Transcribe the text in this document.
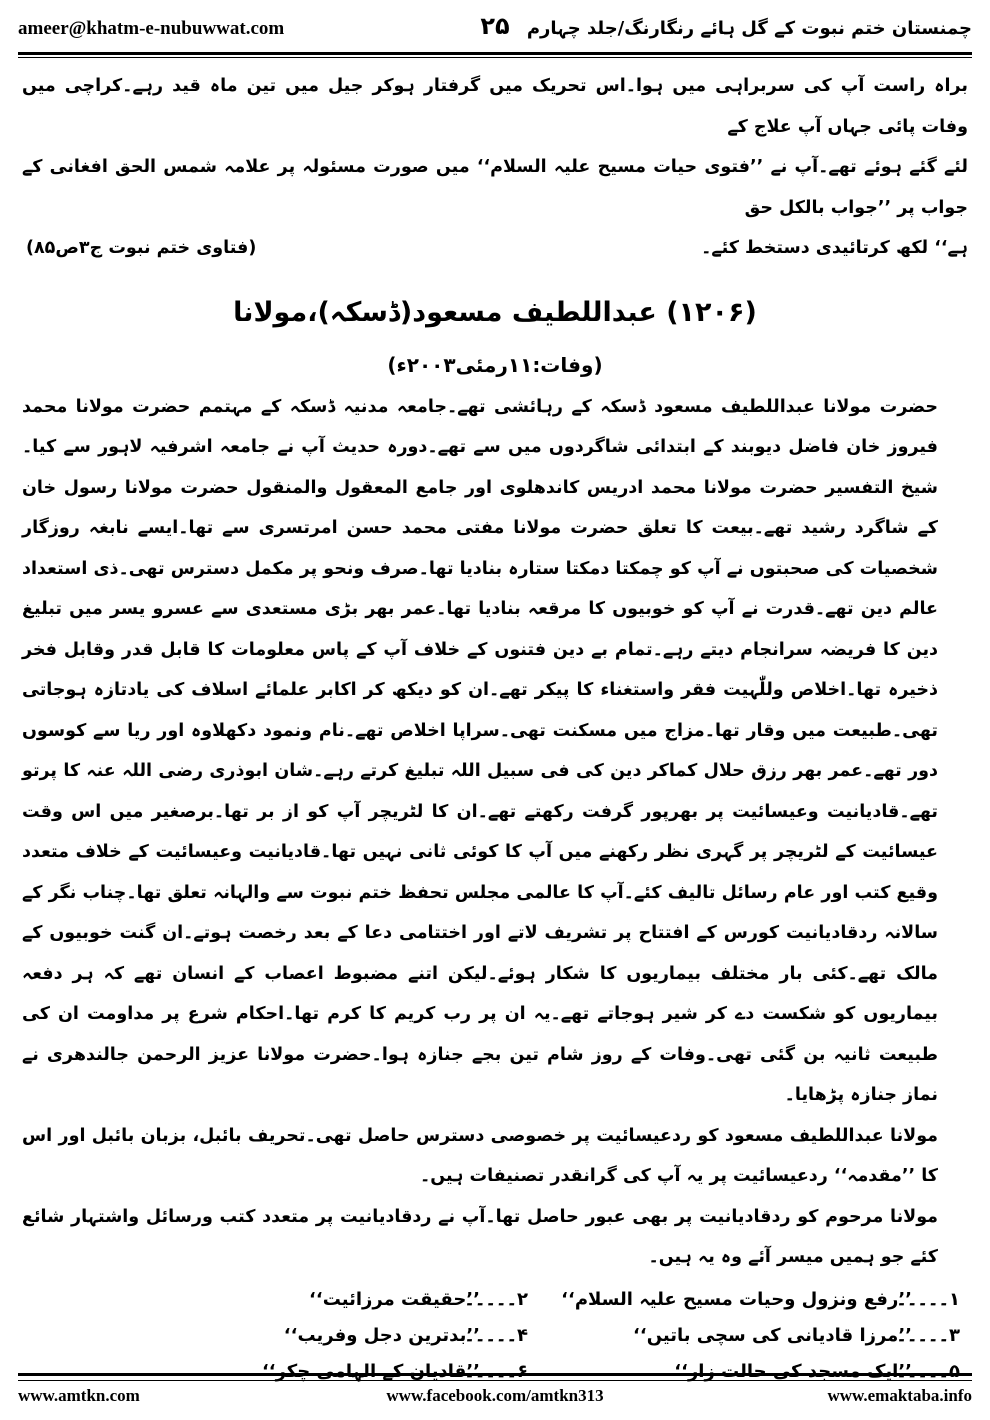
ameer@khatm-e-nubuwwat.com	۲۵ چمنستان ختم نبوت کے گل ہائے رنگارنگ/جلد چہارم

براہ راست آپ کی سربراہی میں ہوا۔اس تحریک میں گرفتار ہوکر جیل میں تین ماہ قید رہے۔کراچی میں وفات پائی جہاں آپ علاج کے

لئے گئے ہوئے تھے۔آپ نے ’’فتوی حیات مسیح علیہ السلام‘‘ میں صورت مسئولہ پر علامہ شمس الحق افغانی کے جواب پر ’’جواب بالکل حق

ہے‘‘ لکھ کرتائیدی دستخط کئے۔
(فتاوی ختم نبوت ج۳ص۸۵)
(۱۲۰۶) عبداللطیف مسعود(ڈسکہ)،مولانا
(وفات:۱۱رمئی۲۰۰۳ء)

حضرت مولانا عبداللطیف مسعود ڈسکہ کے رہائشی تھے۔جامعہ مدنیہ ڈسکہ کے مہتمم حضرت مولانا محمد فیروز خان فاضل دیوبند کے ابتدائی شاگردوں میں سے تھے۔دورہ حدیث آپ نے جامعہ اشرفیہ لاہور سے کیا۔شیخ التفسیر حضرت مولانا محمد ادریس کاندھلوی اور جامع المعقول والمنقول حضرت مولانا رسول خان کے شاگرد رشید تھے۔بیعت کا تعلق حضرت مولانا مفتی محمد حسن امرتسری سے تھا۔ایسے نابغہ روزگار شخصیات کی صحبتوں نے آپ کو چمکتا دمکتا ستارہ بنادیا تھا۔صرف ونحو پر مکمل دسترس تھی۔ذی استعداد عالم دین تھے۔قدرت نے آپ کو خوبیوں کا مرقعہ بنادیا تھا۔عمر بھر بڑی مستعدی سے عسرو یسر میں تبلیغ دین کا فریضہ سرانجام دیتے رہے۔تمام بے دین فتنوں کے خلاف آپ کے پاس معلومات کا قابل قدر وقابل فخر ذخیرہ تھا۔اخلاص وللّٰہیت فقر واستغناء کا پیکر تھے۔ان کو دیکھ کر اکابر علمائے اسلاف کی یادتازہ ہوجاتی تھی۔طبیعت میں وقار تھا۔مزاج میں مسکنت تھی۔سراپا اخلاص تھے۔نام ونمود دکھلاوہ اور ریا سے کوسوں دور تھے۔عمر بھر رزق حلال کماکر دین کی فی سبیل اللہ تبلیغ کرتے رہے۔شان ابوذری رضی اللہ عنہ کا پرتو تھے۔قادیانیت وعیسائیت پر بھرپور گرفت رکھتے تھے۔ان کا لٹریچر آپ کو از بر تھا۔برصغیر میں اس وقت عیسائیت کے لٹریچر پر گہری نظر رکھنے میں آپ کا کوئی ثانی نہیں تھا۔قادیانیت وعیسائیت کے خلاف متعدد وقیع کتب اور عام رسائل تالیف کئے۔آپ کا عالمی مجلس تحفظ ختم نبوت سے والہانہ تعلق تھا۔چناب نگر کے سالانہ ردقادیانیت کورس کے افتتاح پر تشریف لاتے اور اختتامی دعا کے بعد رخصت ہوتے۔ان گنت خوبیوں کے مالک تھے۔کئی بار مختلف بیماریوں کا شکار ہوئے۔لیکن اتنے مضبوط اعصاب کے انسان تھے کہ ہر دفعہ بیماریوں کو شکست دے کر شیر ہوجاتے تھے۔یہ ان پر رب کریم کا کرم تھا۔احکام شرع پر مداومت ان کی طبیعت ثانیہ بن گئی تھی۔وفات کے روز شام تین بجے جنازہ ہوا۔حضرت مولانا عزیز الرحمن جالندھری نے نماز جنازہ پڑھایا۔

مولانا عبداللطیف مسعود کو ردعیسائیت پر خصوصی دسترس حاصل تھی۔تحریف بائبل، بزبان بائبل اور اس کا ’’مقدمہ‘‘ ردعیسائیت پر یہ آپ کی گرانقدر تصنیفات ہیں۔

مولانا مرحوم کو ردقادیانیت پر بھی عبور حاصل تھا۔آپ نے ردقادیانیت پر متعدد کتب ورسائل واشتہار شائع کئے جو ہمیں میسر آئے وہ یہ ہیں۔

۱۔۔۔۔۔’’رفع ونزول وحیات مسیح علیہ السلام‘‘
۲۔۔۔۔۔’’حقیقت مرزائیت‘‘
۳۔۔۔۔۔’’مرزا قادیانی کی سچی باتیں‘‘
۴۔۔۔۔۔’’بدترین دجل وفریب‘‘
۵۔۔۔۔۔’’ایک مسجد کی حالت زار‘‘
۶۔۔۔۔۔’’قادیان کے الہامی چکر‘‘
www.amtkn.com	www.facebook.com/amtkn313	www.emaktaba.info
